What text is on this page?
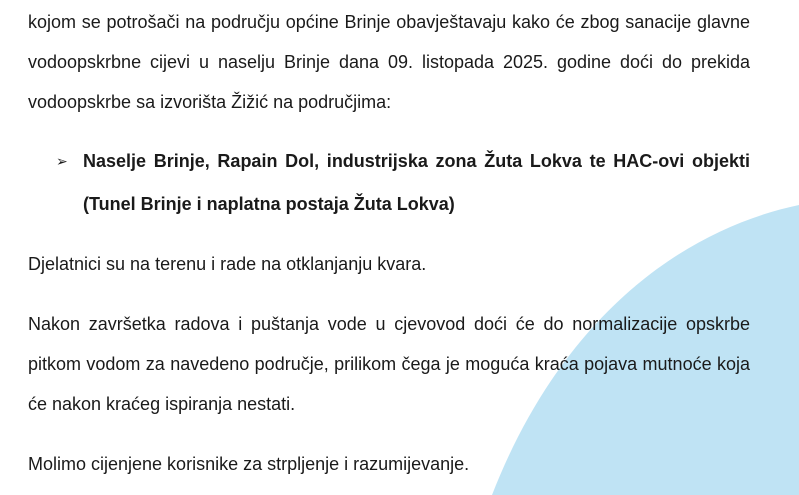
kojom se potrošači na području općine Brinje obavještavaju kako će zbog sanacije glavne vodoopskrbne cijevi u naselju Brinje dana 09. listopada 2025. godine doći do prekida vodoopskrbe sa izvorišta Žižić na područjima:

➢ Naselje Brinje, Rapain Dol, industrijska zona Žuta Lokva te HAC-ovi objekti (Tunel Brinje i naplatna postaja Žuta Lokva)

Djelatnici su na terenu i rade na otklanjanju kvara.

Nakon završetka radova i puštanja vode u cjevovod doći će do normalizacije opskrbe pitkom vodom za navedeno područje, prilikom čega je moguća kraća pojava mutnoće koja će nakon kraćeg ispiranja nestati.

Molimo cijenjene korisnike za strpljenje i razumijevanje.
